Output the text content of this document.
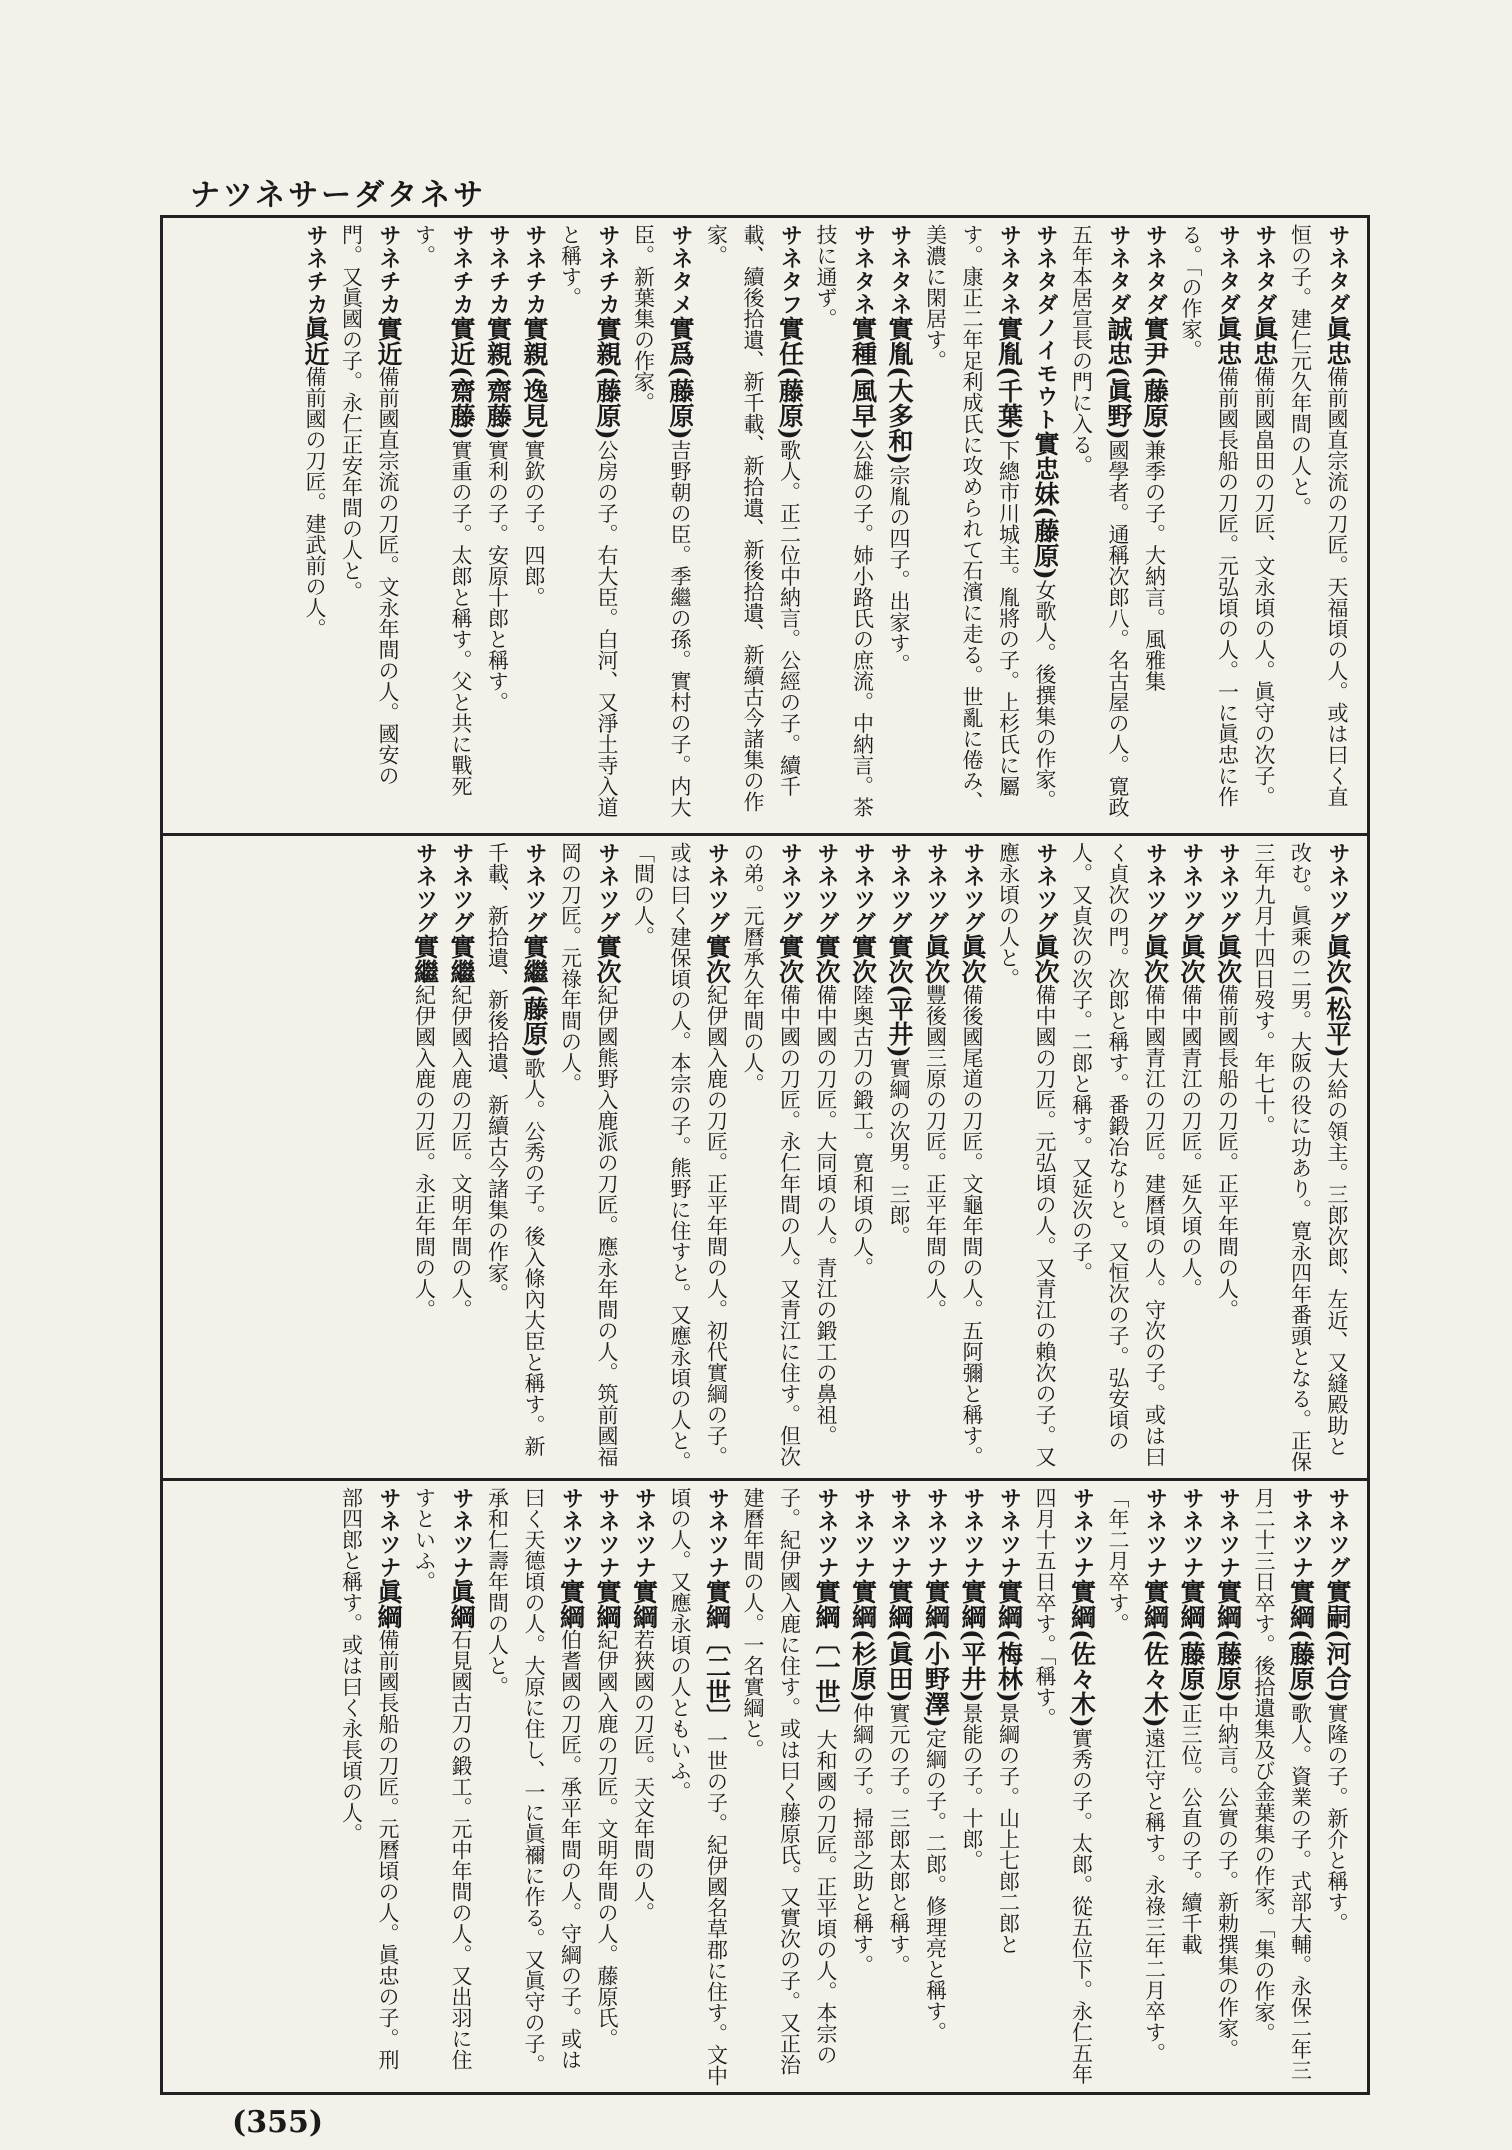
ナツネサーダタネサ

サネタダ眞忠備前國直宗流の刀匠。天福頃の人。或は曰く直恒の子。建仁元久年間の人と。

サネタダ眞忠備前國畠田の刀匠、文永頃の人。眞守の次子。

サネタダ眞忠備前國長船の刀匠。元弘頃の人。一に眞忠に作る。「の作家。

サネタダ實尹(藤原)兼季の子。大納言。風雅集

サネタダ誠忠(眞野)國學者。通稱次郎八。名古屋の人。寛政五年本居宣長の門に入る。

サネタダノイモウト實忠妹(藤原)女歌人。後撰集の作家。

サネタネ實胤(千葉)下總市川城主。胤將の子。上杉氏に屬す。康正二年足利成氏に攻められて石濱に走る。世亂に倦み、美濃に閑居す。

サネタネ實胤(大多和)宗胤の四子。出家す。

サネタネ實種(風早)公雄の子。姉小路氏の庶流。中納言。茶技に通ず。

サネタフ實任(藤原)歌人。正二位中納言。公經の子。續千載、續後拾遺、新千載、新拾遺、新後拾遺、新續古今諸集の作家。

サネタメ實爲(藤原)吉野朝の臣。季繼の孫。實村の子。内大臣。新葉集の作家。

サネチカ實親(藤原)公房の子。右大臣。白河、又淨土寺入道と稱す。

サネチカ實親(逸見)實欽の子。四郎。

サネチカ實親(齋藤)實利の子。安原十郎と稱す。

サネチカ實近(齋藤)實重の子。太郎と稱す。父と共に戰死す。

サネチカ實近備前國直宗流の刀匠。文永年間の人。國安の門。又眞國の子。永仁正安年間の人と。

サネチカ眞近備前國の刀匠。建武前の人。

サネツグ眞次(松平)大給の領主。三郎次郎、左近、又縫殿助と改む。眞乘の二男。大阪の役に功あり。寛永四年番頭となる。正保三年九月十四日歿す。年七十。

サネツグ眞次備前國長船の刀匠。正平年間の人。

サネツグ眞次備中國青江の刀匠。延久頃の人。

サネツグ眞次備中國青江の刀匠。建曆頃の人。守次の子。或は曰く貞次の門。次郎と稱す。番鍛冶なりと。又恒次の子。弘安頃の人。又貞次の次子。二郎と稱す。又延次の子。

サネツグ眞次備中國の刀匠。元弘頃の人。又青江の賴次の子。又應永頃の人と。

サネツグ眞次備後國尾道の刀匠。文龜年間の人。五阿彌と稱す。

サネツグ眞次豐後國三原の刀匠。正平年間の人。

サネツグ實次(平井)實綱の次男。三郎。

サネツグ實次陸奥古刀の鍛工。寛和頃の人。

サネツグ實次備中國の刀匠。大同頃の人。青江の鍛工の鼻祖。

サネツグ實次備中國の刀匠。永仁年間の人。又青江に住す。但次の弟。元曆承久年間の人。

サネツグ實次紀伊國入鹿の刀匠。正平年間の人。初代實綱の子。或は曰く建保頃の人。本宗の子。熊野に住すと。又應永頃の人と。「間の人。

サネツグ實次紀伊國熊野入鹿派の刀匠。應永年間の人。筑前國福岡の刀匠。元祿年間の人。

サネツグ實繼(藤原)歌人。公秀の子。後入條內大臣と稱す。新千載、新拾遺、新後拾遺、新續古今諸集の作家。

サネツグ實繼紀伊國入鹿の刀匠。文明年間の人。

サネツグ實繼紀伊國入鹿の刀匠。永正年間の人。

サネツグ實嗣(河合)實隆の子。新介と稱す。

サネツナ實綱(藤原)歌人。資業の子。式部大輔。永保二年三月二十三日卒す。後拾遺集及び金葉集の作家。「集の作家。

サネツナ實綱(藤原)中納言。公實の子。新勅撰集の作家。

サネツナ實綱(藤原)正三位。公直の子。續千載

サネツナ實綱(佐々木)遠江守と稱す。永祿三年二月卒す。「年二月卒す。

サネツナ實綱(佐々木)實秀の子。太郎。從五位下。永仁五年四月十五日卒す。「稱す。

サネツナ實綱(梅林)景綱の子。山上七郎二郎と

サネツナ實綱(平井)景能の子。十郎。

サネツナ實綱(小野澤)定綱の子。二郎。修理亮と稱す。

サネツナ實綱(眞田)實元の子。三郎太郎と稱す。

サネツナ實綱(杉原)仲綱の子。掃部之助と稱す。

サネツナ實綱〔一世〕大和國の刀匠。正平頃の人。本宗の子。紀伊國入鹿に住す。或は曰く藤原氏。又實次の子。又正治建曆年間の人。一名實綱と。

サネツナ實綱〔二世〕一世の子。紀伊國名草郡に住す。文中頃の人。又應永頃の人ともいふ。

サネツナ實綱若狹國の刀匠。天文年間の人。

サネツナ實綱紀伊國入鹿の刀匠。文明年間の人。藤原氏。

サネツナ實綱伯耆國の刀匠。承平年間の人。守綱の子。或は曰く天德頃の人。大原に住し、一に眞禰に作る。又眞守の子。承和仁壽年間の人と。

サネツナ眞綱石見國古刀の鍛工。元中年間の人。又出羽に住すといふ。

サネツナ眞綱備前國長船の刀匠。元曆頃の人。眞忠の子。刑部四郎と稱す。或は曰く永長頃の人。

(355)
